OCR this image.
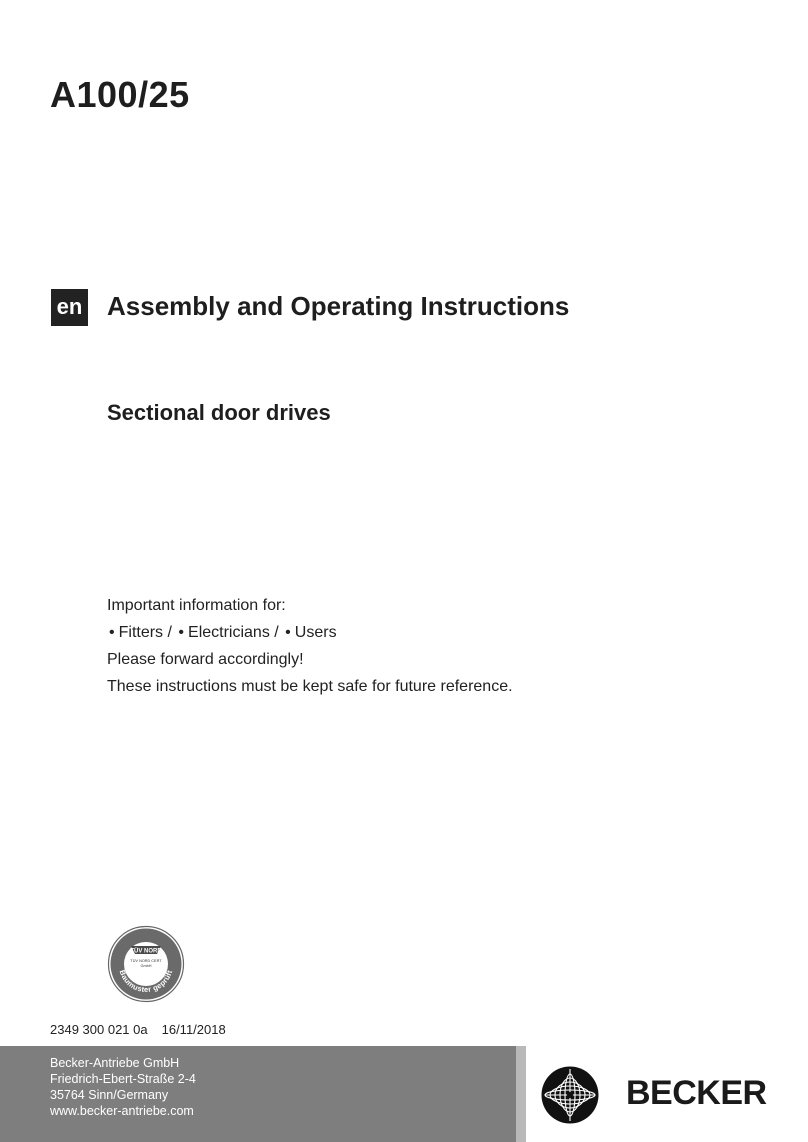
A100/25
en Assembly and Operating Instructions
Sectional door drives
Important information for:
• Fitters / • Electricians / • Users
Please forward accordingly!
These instructions must be kept safe for future reference.
TÜV NORD
TÜV NORD CERT
GmbH
Baumuster geprüft
2349 300 021 0a 16/11/2018
Becker-Antriebe GmbH
Friedrich-Ebert-Straße 2-4
35764 Sinn/Germany
www.becker-antriebe.com	BECKER
